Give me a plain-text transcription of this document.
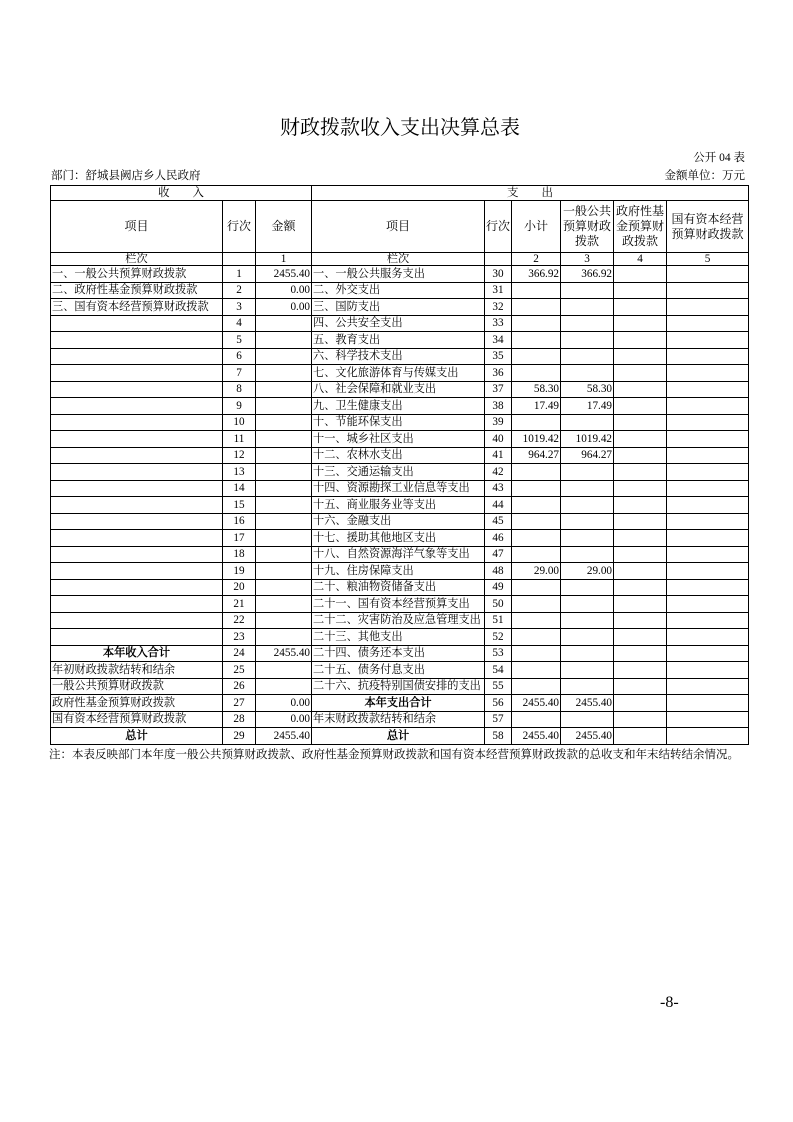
财政拨款收入支出决算总表
公开 04 表
部门：舒城县阙店乡人民政府	金额单位：万元
收　　入			支　　出					
项目	行次	金额	项目	行次	小计	一般公共
预算财政
拨款	政府性基
金预算财
政拨款	国有资本经营
预算财政拨款

栏次		1	栏次		2	3	4	5
一、一般公共预算财政拨款	1	2455.40	一、一般公共服务支出	30	366.92	366.92		
二、政府性基金预算财政拨款	2	0.00	二、外交支出	31				
三、国有资本经营预算财政拨款	3	0.00	三、国防支出	32				
	4		四、公共安全支出	33				
	5		五、教育支出	34				
	6		六、科学技术支出	35				
	7		七、文化旅游体育与传媒支出	36				
	8		八、社会保障和就业支出	37	58.30	58.30		
	9		九、卫生健康支出	38	17.49	17.49		
	10		十、节能环保支出	39				
	11		十一、城乡社区支出	40	1019.42	1019.42		
	12		十二、农林水支出	41	964.27	964.27		
	13		十三、交通运输支出	42				
	14		十四、资源勘探工业信息等支出	43				
	15		十五、商业服务业等支出	44				
	16		十六、金融支出	45				
	17		十七、援助其他地区支出	46				
	18		十八、自然资源海洋气象等支出	47				
	19		十九、住房保障支出	48	29.00	29.00		
	20		二十、粮油物资储备支出	49				
	21		二十一、国有资本经营预算支出	50				
	22		二十二、灾害防治及应急管理支出	51				
	23		二十三、其他支出	52				
本年收入合计	24	2455.40	二十四、债务还本支出	53				
年初财政拨款结转和结余	25		二十五、债务付息支出	54				
一般公共预算财政拨款	26		二十六、抗疫特别国债安排的支出	55				
政府性基金预算财政拨款	27	0.00	本年支出合计	56	2455.40	2455.40		
国有资本经营预算财政拨款	28	0.00	年末财政拨款结转和结余	57				
总计	29	2455.40	总计	58	2455.40	2455.40		
注：本表反映部门本年度一般公共预算财政拨款、政府性基金预算财政拨款和国有资本经营预算财政拨款的总收支和年末结转结余情况。
-8-
